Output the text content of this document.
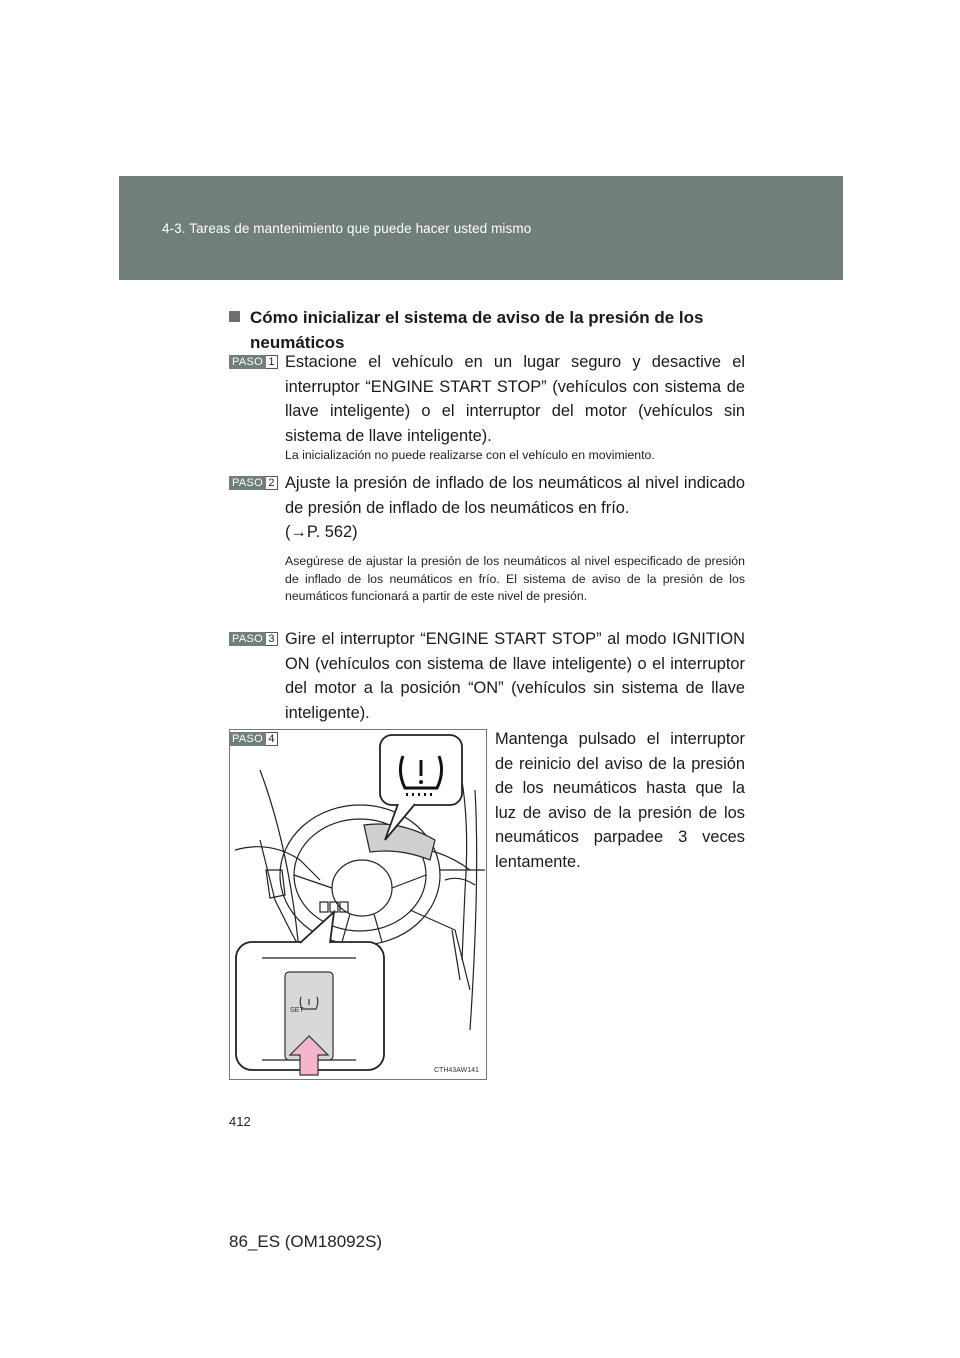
4-3. Tareas de mantenimiento que puede hacer usted mismo
Cómo inicializar el sistema de aviso de la presión de los neumáticos
PASO 1 Estacione el vehículo en un lugar seguro y desactive el interruptor “ENGINE START STOP” (vehículos con sistema de llave inteligente) o el interruptor del motor (vehículos sin sistema de llave inteligente).
La inicialización no puede realizarse con el vehículo en movimiento.
PASO 2 Ajuste la presión de inflado de los neumáticos al nivel indicado de presión de inflado de los neumáticos en frío.
(→P. 562)
Asegúrese de ajustar la presión de los neumáticos al nivel especificado de presión de inflado de los neumáticos en frío. El sistema de aviso de la presión de los neumáticos funcionará a partir de este nivel de presión.
PASO 3 Gire el interruptor “ENGINE START STOP” al modo IGNITION ON (vehículos con sistema de llave inteligente) o el interruptor del motor a la posición “ON” (vehículos sin sistema de llave inteligente).
PASO 4
SET
CTH43AW141
Mantenga pulsado el interruptor de reinicio del aviso de la presión de los neumáticos hasta que la luz de aviso de la presión de los neumáticos parpadee 3 veces lentamente.
412
86_ES (OM18092S)
